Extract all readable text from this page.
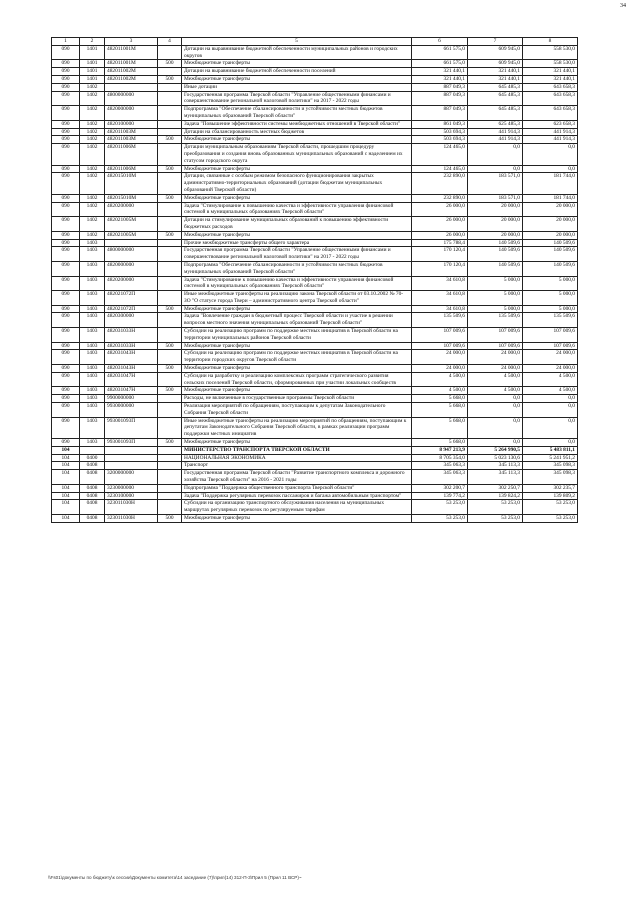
34
1	2	3	4	5	6	7	8
090	1401	482011001М		Дотации на выравнивание бюджетной обеспеченности муниципальных районов и городских округов	661 575,0	609 945,0	558 530,0
090	1401	482011001М	500	Межбюджетные трансферты	661 575,0	609 945,0	558 530,0
090	1401	482011002М		Дотации на выравнивание бюджетной обеспеченности поселений	321 440,1	321 440,1	321 440,1
090	1401	482011002М	500	Межбюджетные трансферты	321 440,1	321 440,1	321 440,1
090	1402			Иные дотации	887 049,3	645 485,3	643 658,3
090	1402	4800000000		Государственная программа Тверской области "Управление общественными финансами и совершенствование региональной налоговой политики" на 2017 - 2022 годы	887 049,3	645 485,3	643 658,3
090	1402	4820000000		Подпрограмма "Обеспечение сбалансированности и устойчивости местных бюджетов муниципальных образований Тверской области"	887 049,3	645 485,3	643 658,3
090	1402	4820100000		Задача "Повышение эффективности системы межбюджетных отношений в Тверской области"	861 049,3	625 485,3	623 658,3
090	1402	482011003М		Дотации на сбалансированность местных бюджетов	503 694,3	441 914,3	441 914,3
090	1402	482011003М	500	Межбюджетные трансферты	503 694,3	441 914,3	441 914,3
090	1402	482011006М		Дотации муниципальным образованиям Тверской области, прошедшим процедуру преобразования и создания вновь образованных муниципальных образований с наделением их статусом городского округа	124 465,0	0,0	0,0
090	1402	482011006М	500	Межбюджетные трансферты	124 465,0	0,0	0,0
090	1402	482015010М		Дотации, связанные с особым режимом безопасного функционирования закрытых административно-территориальных образований (дотации бюджетам муниципальных образований Тверской области)	232 890,0	183 571,0	181 744,0
090	1402	482015010М	500	Межбюджетные трансферты	232 890,0	183 571,0	181 744,0
090	1402	4820200000		Задача "Стимулирование к повышению качества и эффективности управления финансовой системой в муниципальных образованиях Тверской области"	26 000,0	20 000,0	20 000,0
090	1402	482021005М		Дотации на стимулирование муниципальных образований к повышению эффективности бюджетных расходов	26 000,0	20 000,0	20 000,0
090	1402	482021005М	500	Межбюджетные трансферты	26 000,0	20 000,0	20 000,0
090	1403			Прочие межбюджетные трансферты общего характера	175 788,4	140 509,6	140 509,6
090	1403	4800000000		Государственная программа Тверской области "Управление общественными финансами и совершенствование региональной налоговой политики" на 2017 - 2022 годы	170 120,4	140 509,6	140 509,6
090	1403	4820000000		Подпрограмма "Обеспечение сбалансированности и устойчивости местных бюджетов муниципальных образований Тверской области"	170 120,4	140 509,6	140 509,6
090	1403	4820200000		Задача "Стимулирование к повышению качества и эффективности управления финансовой системой в муниципальных образованиях Тверской области"	34 610,8	5 000,0	5 000,0
090	1403	482021072П		Иные межбюджетные трансферты на реализацию закона Тверской области от 03.10.2002 № 70-ЗО "О статусе города Твери – административного центра Тверской области"	34 610,8	5 000,0	5 000,0
090	1403	482021072П	500	Межбюджетные трансферты	34 610,8	5 000,0	5 000,0
090	1403	4820300000		Задача "Вовлечение граждан в бюджетный процесс Тверской области и участие в решении вопросов местного значения муниципальных образований Тверской области"	135 509,6	135 509,6	135 509,6
090	1403	482031033Н		Субсидии на реализацию программ по поддержке местных инициатив в Тверской области на территории муниципальных районов Тверской области	107 009,6	107 009,6	107 009,6
090	1403	482031033Н	500	Межбюджетные трансферты	107 009,6	107 009,6	107 009,6
090	1403	482031043Н		Субсидии на реализацию программ по поддержке местных инициатив в Тверской области на территории городских округов Тверской области	24 000,0	24 000,0	24 000,0
090	1403	482031043Н	500	Межбюджетные трансферты	24 000,0	24 000,0	24 000,0
090	1403	482031047Н		Субсидии на разработку и реализацию комплексных программ стратегического развития сельских поселений Тверской области, сформированных при участии локальных сообществ	4 500,0	4 500,0	4 500,0
090	1403	482031047Н	500	Межбюджетные трансферты	4 500,0	4 500,0	4 500,0
090	1403	9900000000		Расходы, не включенные в государственные программы Тверской области	5 668,0	0,0	0,0
090	1403	9930000000		Реализация мероприятий по обращениям, поступающим к депутатам Законодательного Собрания Тверской области	5 668,0	0,0	0,0
090	1403	993001093П		Иные межбюджетные трансферты на реализацию мероприятий по обращениям, поступающим к депутатам Законодательного Собрания Тверской области, в рамках реализации программ поддержки местных инициатив	5 668,0	0,0	0,0
090	1403	993001093П	500	Межбюджетные трансферты	5 668,0	0,0	0,0
104				МИНИСТЕРСТВО ТРАНСПОРТА ТВЕРСКОЙ ОБЛАСТИ	8 947 213,9	5 264 990,5	5 483 811,1
104	0400			НАЦИОНАЛЬНАЯ ЭКОНОМИКА	8 705 354,0	5 023 130,6	5 241 951,2
104	0408			Транспорт	345 063,3	345 113,3	345 098,3
104	0408	3200000000		Государственная программа Тверской области "Развитие транспортного комплекса и дорожного хозяйства Тверской области" на 2016 - 2021 годы	345 063,3	345 113,3	345 098,3
104	0408	3230000000		Подпрограмма "Поддержка общественного транспорта Тверской области"	302 200,7	302 250,7	302 235,7
104	0408	3230100000		Задача "Поддержка регулярных перевозок пассажиров и багажа автомобильным транспортом"	139 774,2	139 824,2	139 809,2
104	0408	323011030Н		Субсидии на организацию транспортного обслуживания населения на муниципальных маршрутах регулярных перевозок по регулируемым тарифам	53 253,0	53 253,0	53 253,0
104	0408	323011030Н	500	Межбюджетные трансферты	53 253,0	53 253,0	53 253,0
\\Fs01\документы по бюджету\к сессии\Документы комитета\14 заседание (7)\прил(14) 312-П-3\Прил 5 (Прил 11 ВСР)~
